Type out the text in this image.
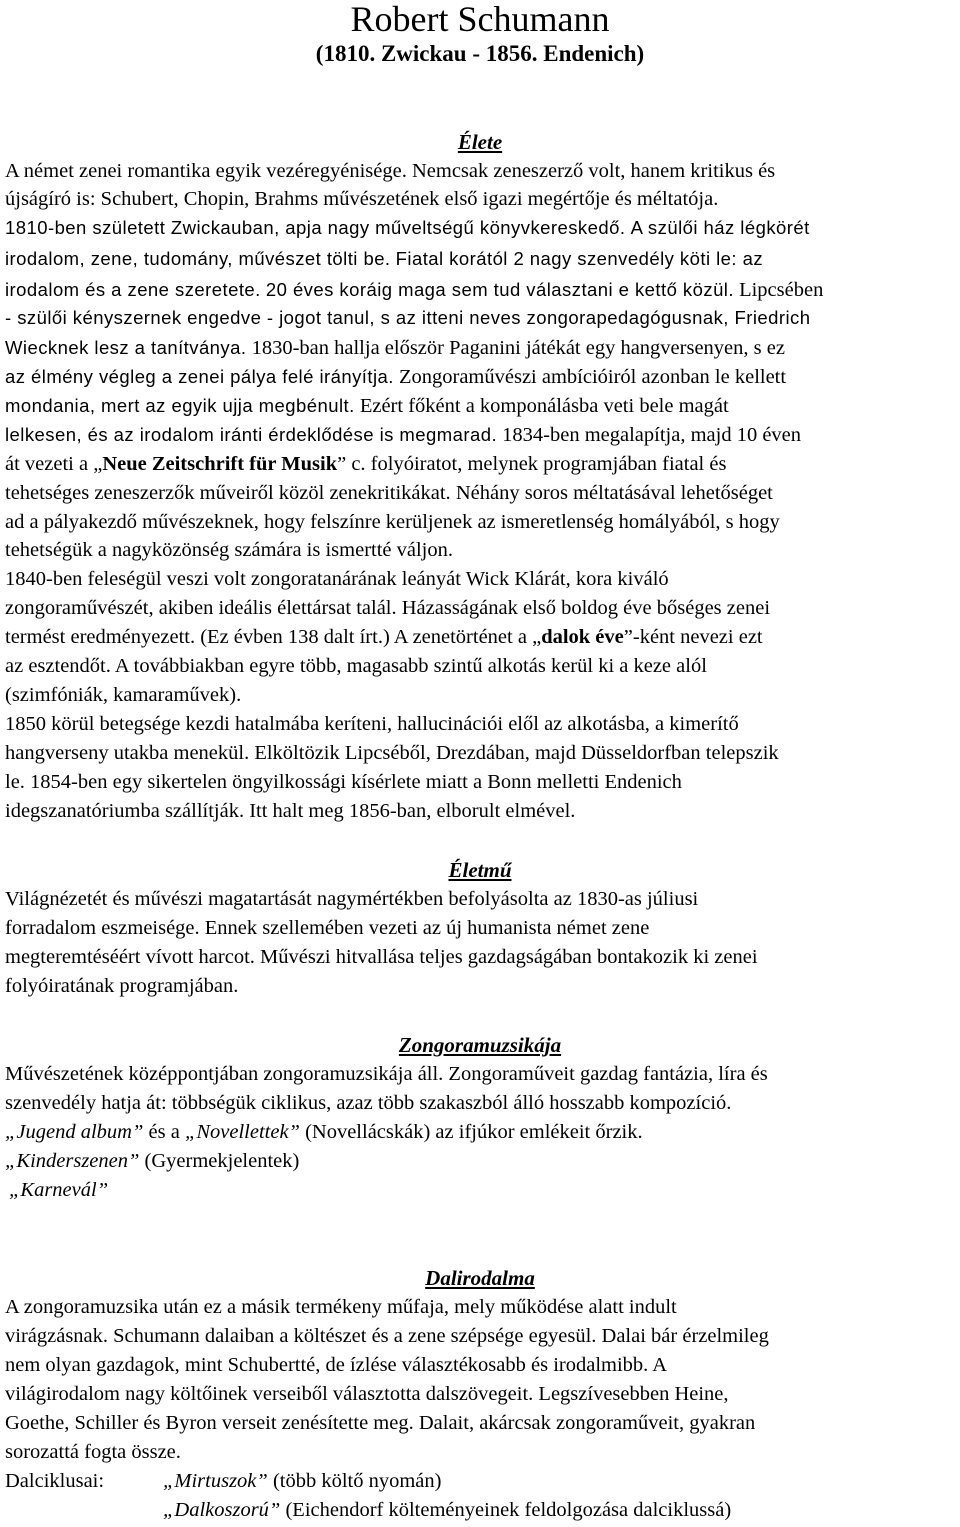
Robert Schumann
(1810. Zwickau - 1856. Endenich)
Élete
A német zenei romantika egyik vezéregyénisége. Nemcsak zeneszerző volt, hanem kritikus és
újságíró is: Schubert, Chopin, Brahms művészetének első igazi megértője és méltatója.
1810-ben született Zwickauban, apja nagy műveltségű könyvkereskedő. A szülői ház légkörét
irodalom, zene, tudomány, művészet tölti be. Fiatal korától 2 nagy szenvedély köti le: az
irodalom és a zene szeretete. 20 éves koráig maga sem tud választani e kettő közül. Lipcsében
- szülői kényszernek engedve - jogot tanul, s az itteni neves zongorapedagógusnak, Friedrich
Wiecknek lesz a tanítványa. 1830-ban hallja először Paganini játékát egy hangversenyen, s ez
az élmény végleg a zenei pálya felé irányítja. Zongoraművészi ambícióiról azonban le kellett
mondania, mert az egyik ujja megbénult. Ezért főként a komponálásba veti bele magát
lelkesen, és az irodalom iránti érdeklődése is megmarad. 1834-ben megalapítja, majd 10 éven
át vezeti a „Neue Zeitschrift für Musik” c. folyóiratot, melynek programjában fiatal és
tehetséges zeneszerzők műveiről közöl zenekritikákat. Néhány soros méltatásával lehetőséget
ad a pályakezdő művészeknek, hogy felszínre kerüljenek az ismeretlenség homályából, s hogy
tehetségük a nagyközönség számára is ismertté váljon.
1840-ben feleségül veszi volt zongoratanárának leányát Wick Klárát, kora kiváló
zongoraművészét, akiben ideális élettársat talál. Házasságának első boldog éve bőséges zenei
termést eredményezett. (Ez évben 138 dalt írt.) A zenetörténet a „dalok éve”-ként nevezi ezt
az esztendőt. A továbbiakban egyre több, magasabb szintű alkotás kerül ki a keze alól
(szimfóniák, kamaraművek).
1850 körül betegsége kezdi hatalmába keríteni, hallucinációi elől az alkotásba, a kimerítő
hangverseny utakba menekül. Elköltözik Lipcséből, Drezdában, majd Düsseldorfban telepszik
le. 1854-ben egy sikertelen öngyilkossági kísérlete miatt a Bonn melletti Endenich
idegszanatóriumba szállítják. Itt halt meg 1856-ban, elborult elmével.
Életmű
Világnézetét és művészi magatartását nagymértékben befolyásolta az 1830-as júliusi
forradalom eszmeisége. Ennek szellemében vezeti az új humanista német zene
megteremtéséért vívott harcot. Művészi hitvallása teljes gazdagságában bontakozik ki zenei
folyóiratának programjában.
Zongoramuzsikája
Művészetének középpontjában zongoramuzsikája áll. Zongoraműveit gazdag fantázia, líra és
szenvedély hatja át: többségük ciklikus, azaz több szakaszból álló hosszabb kompozíció.
„Jugend album” és a „Novellettek” (Novellácskák) az ifjúkor emlékeit őrzik.
„Kinderszenen” (Gyermekjelentek)
„Karnevál”
Dalirodalma
A zongoramuzsika után ez a másik termékeny műfaja, mely működése alatt indult
virágzásnak. Schumann dalaiban a költészet és a zene szépsége egyesül. Dalai bár érzelmileg
nem olyan gazdagok, mint Schubertté, de ízlése választékosabb és irodalmibb. A
világirodalom nagy költőinek verseiből választotta dalszövegeit. Legszívesebben Heine,
Goethe, Schiller és Byron verseit zenésítette meg. Dalait, akárcsak zongoraműveit, gyakran
sorozattá fogta össze.
Dalciklusai:	„Mirtuszok” (több költő nyomán)
„Dalkoszorú” (Eichendorf költeményeinek feldolgozása dalciklussá)
